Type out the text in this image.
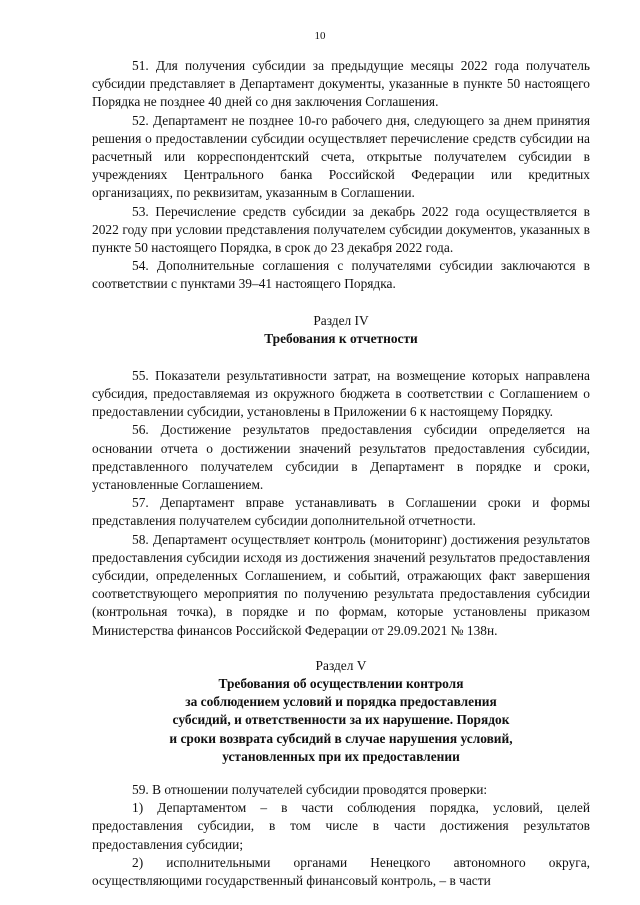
10

51. Для получения субсидии за предыдущие месяцы 2022 года получатель субсидии представляет в Департамент документы, указанные в пункте 50 настоящего Порядка не позднее 40 дней со дня заключения Соглашения.

52. Департамент не позднее 10-го рабочего дня, следующего за днем принятия решения о предоставлении субсидии осуществляет перечисление средств субсидии на расчетный или корреспондентский счета, открытые получателем субсидии в учреждениях Центрального банка Российской Федерации или кредитных организациях, по реквизитам, указанным в Соглашении.

53. Перечисление средств субсидии за декабрь 2022 года осуществляется в 2022 году при условии представления получателем субсидии документов, указанных в пункте 50 настоящего Порядка, в срок до 23 декабря 2022 года.

54. Дополнительные соглашения с получателями субсидии заключаются в соответствии с пунктами 39–41 настоящего Порядка.

Раздел IV

Требования к отчетности

55. Показатели результативности затрат, на возмещение которых направлена субсидия, предоставляемая из окружного бюджета в соответствии с Соглашением о предоставлении субсидии, установлены в Приложении 6 к настоящему Порядку.

56. Достижение результатов предоставления субсидии определяется на основании отчета о достижении значений результатов предоставления субсидии, представленного получателем субсидии в Департамент в порядке и сроки, установленные Соглашением.

57. Департамент вправе устанавливать в Соглашении сроки и формы представления получателем субсидии дополнительной отчетности.

58. Департамент осуществляет контроль (мониторинг) достижения результатов предоставления субсидии исходя из достижения значений результатов предоставления субсидии, определенных Соглашением, и событий, отражающих факт завершения соответствующего мероприятия по получению результата предоставления субсидии (контрольная точка), в порядке и по формам, которые установлены приказом Министерства финансов Российской Федерации от 29.09.2021 № 138н.

Раздел V

Требования об осуществлении контроля
за соблюдением условий и порядка предоставления
субсидий, и ответственности за их нарушение. Порядок
и сроки возврата субсидий в случае нарушения условий,
установленных при их предоставлении

59. В отношении получателей субсидии проводятся проверки:

1) Департаментом – в части соблюдения порядка, условий, целей предоставления субсидии, в том числе в части достижения результатов предоставления субсидии;

2) исполнительными органами Ненецкого автономного округа, осуществляющими государственный финансовый контроль, – в части
